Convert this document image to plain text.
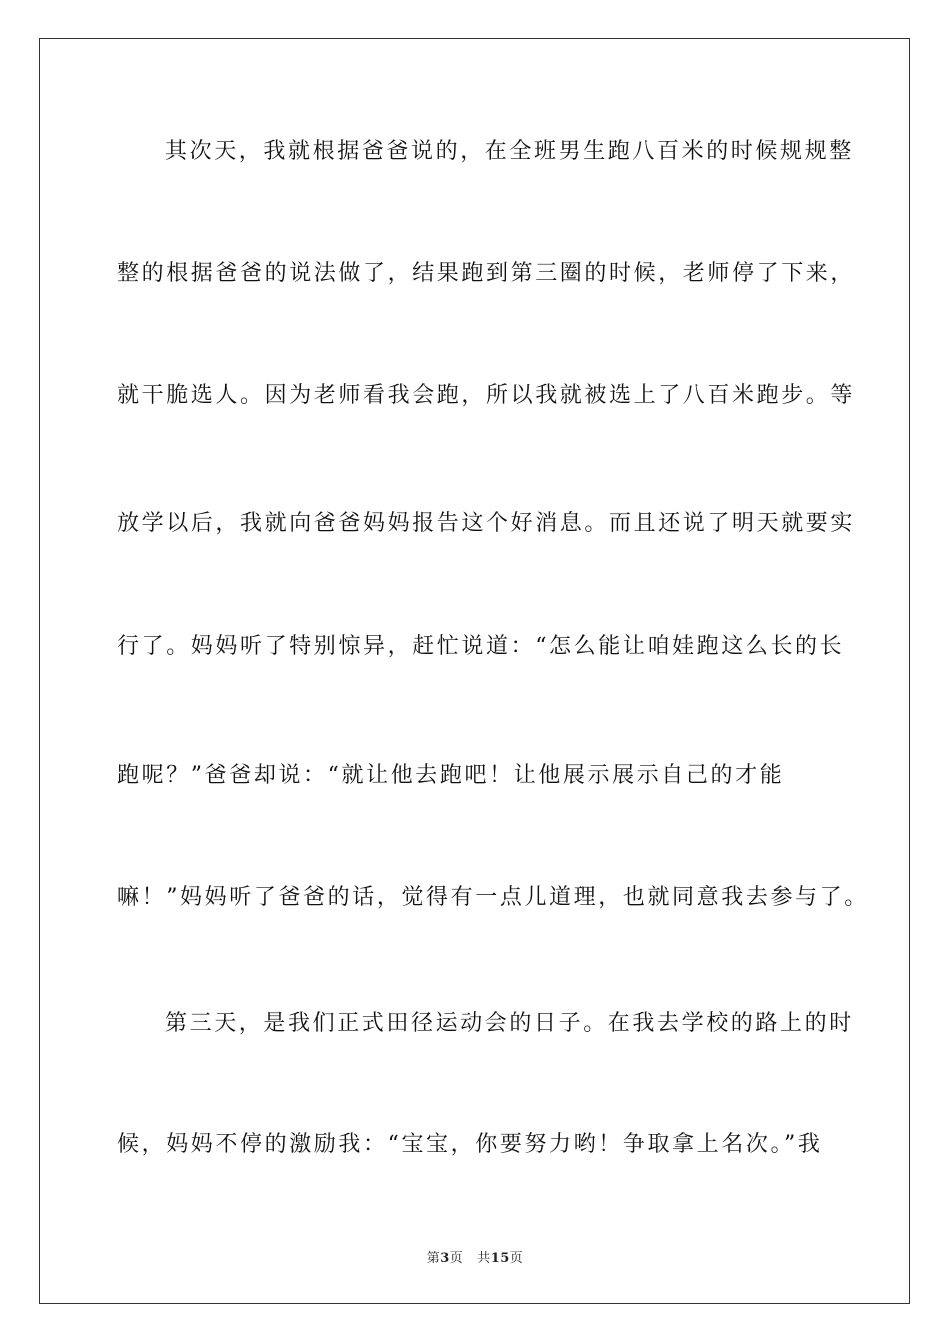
其次天，我就根据爸爸说的，在全班男生跑八百米的时候规规整
整的根据爸爸的说法做了，结果跑到第三圈的时候，老师停了下来，
就干脆选人。因为老师看我会跑，所以我就被选上了八百米跑步。等
放学以后，我就向爸爸妈妈报告这个好消息。而且还说了明天就要实
行了。妈妈听了特别惊异，赶忙说道：“怎么能让咱娃跑这么长的长
跑呢？”爸爸却说：“就让他去跑吧！让他展示展示自己的才能
嘛！”妈妈听了爸爸的话，觉得有一点儿道理，也就同意我去参与了。
第三天，是我们正式田径运动会的日子。在我去学校的路上的时
候，妈妈不停的激励我：“宝宝，你要努力哟！争取拿上名次。”我
第3页 共15页
